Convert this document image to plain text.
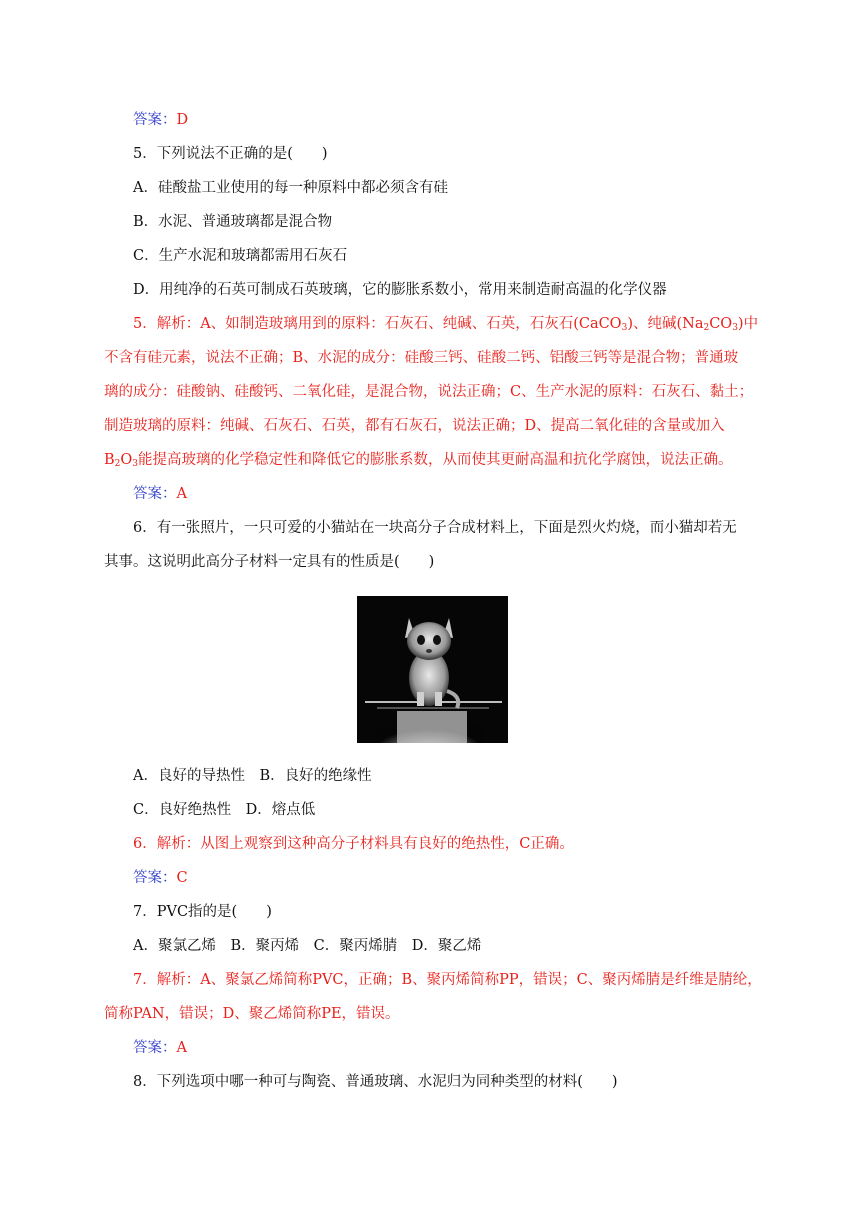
答案：D
5．下列说法不正确的是(　　)
A．硅酸盐工业使用的每一种原料中都必须含有硅
B．水泥、普通玻璃都是混合物
C．生产水泥和玻璃都需用石灰石
D．用纯净的石英可制成石英玻璃，它的膨胀系数小，常用来制造耐高温的化学仪器
5．解析：A、如制造玻璃用到的原料：石灰石、纯碱、石英，石灰石(CaCO$_3$)、纯碱$(Na_2CO_3)$中
不含有硅元素，说法不正确；B、水泥的成分：硅酸三钙、硅酸二钙、铝酸三钙等是混合物；普通玻
璃的成分：硅酸钠、硅酸钙、二氧化硅，是混合物，说法正确；C、生产水泥的原料：石灰石、黏土；
制造玻璃的原料：纯碱、石灰石、石英，都有石灰石，说法正确；D、提高二氧化硅的含量或加入
$B_2O_3$能提高玻璃的化学稳定性和降低它的膨胀系数，从而使其更耐高温和抗化学腐蚀，说法正确。
答案：A
6．有一张照片，一只可爱的小猫站在一块高分子合成材料上，下面是烈火灼烧，而小猫却若无
其事。这说明此高分子材料一定具有的性质是(　　)
A．良好的导热性　B．良好的绝缘性
C．良好绝热性　D．熔点低
6．解析：从图上观察到这种高分子材料具有良好的绝热性，C正确。
答案：C
7．PVC指的是(　　)
A．聚氯乙烯　B．聚丙烯　C．聚丙烯腈　D．聚乙烯
7．解析：A、聚氯乙烯简称PVC，正确；B、聚丙烯简称PP，错误；C、聚丙烯腈是纤维是腈纶，
简称PAN，错误；D、聚乙烯简称PE，错误。
答案：A
8．下列选项中哪一种可与陶瓷、普通玻璃、水泥归为同种类型的材料(　　)
